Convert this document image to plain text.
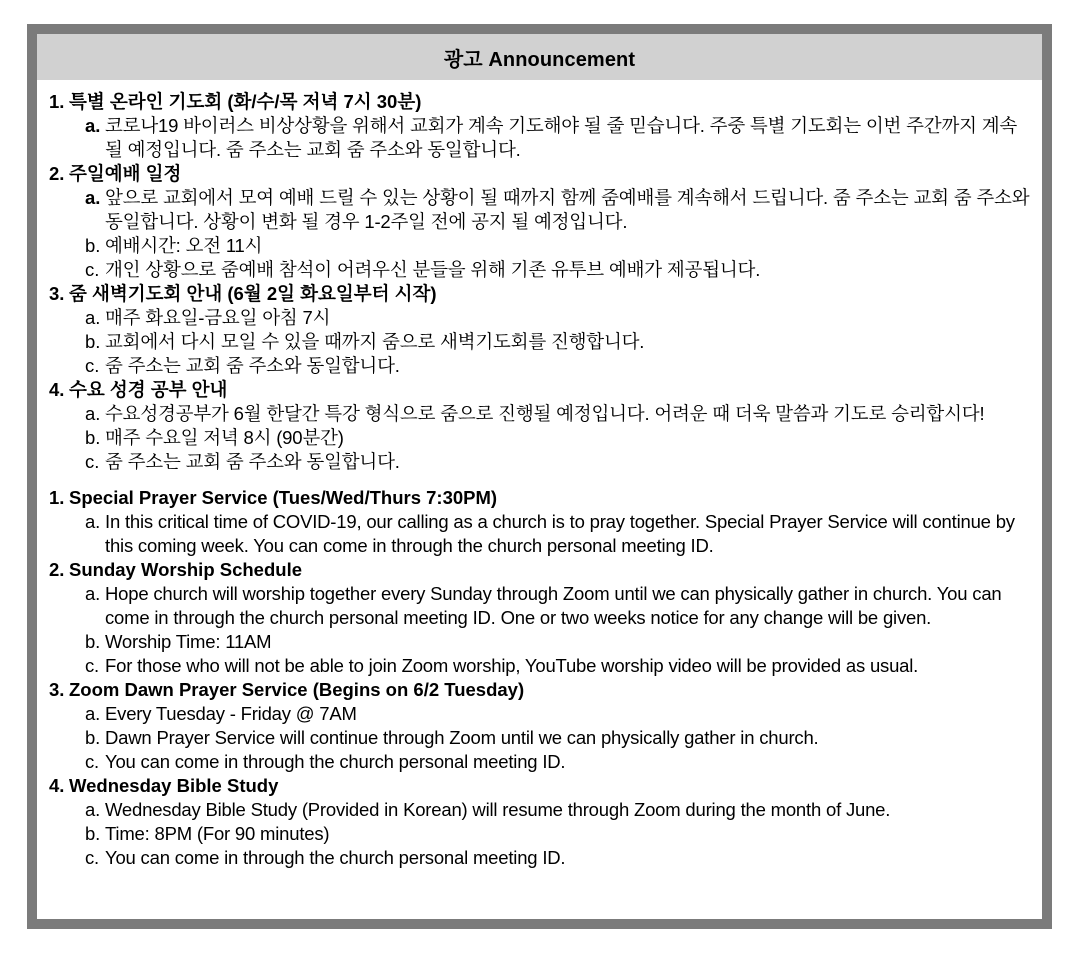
광고 Announcement
1. 특별 온라인 기도회 (화/수/목 저녁 7시 30분)
a. 코로나19 바이러스 비상상황을 위해서 교회가 계속 기도해야 될 줄 믿습니다. 주중 특별 기도회는 이번 주간까지 계속 될 예정입니다. 줌 주소는 교회 줌 주소와 동일합니다.
2. 주일예배 일정
a. 앞으로 교회에서 모여 예배 드릴 수 있는 상황이 될 때까지 함께 줌예배를 계속해서 드립니다. 줌 주소는 교회 줌 주소와 동일합니다. 상황이 변화 될 경우 1-2주일 전에 공지 될 예정입니다.
b. 예배시간: 오전 11시
c. 개인 상황으로 줌예배 참석이 어려우신 분들을 위해 기존 유투브 예배가 제공됩니다.
3. 줌 새벽기도회 안내 (6월 2일 화요일부터 시작)
a. 매주 화요일-금요일 아침 7시
b. 교회에서 다시 모일 수 있을 때까지 줌으로 새벽기도회를 진행합니다.
c. 줌 주소는 교회 줌 주소와 동일합니다.
4. 수요 성경 공부 안내
a. 수요성경공부가 6월 한달간 특강 형식으로 줌으로 진행될 예정입니다. 어려운 때 더욱 말씀과 기도로 승리합시다!
b. 매주 수요일 저녁 8시 (90분간)
c. 줌 주소는 교회 줌 주소와 동일합니다.
1. Special Prayer Service (Tues/Wed/Thurs 7:30PM)
a. In this critical time of COVID-19, our calling as a church is to pray together. Special Prayer Service will continue by this coming week. You can come in through the church personal meeting ID.
2. Sunday Worship Schedule
a. Hope church will worship together every Sunday through Zoom until we can physically gather in church. You can come in through the church personal meeting ID. One or two weeks notice for any change will be given.
b. Worship Time: 11AM
c. For those who will not be able to join Zoom worship, YouTube worship video will be provided as usual.
3. Zoom Dawn Prayer Service (Begins on 6/2 Tuesday)
a. Every Tuesday - Friday @ 7AM
b. Dawn Prayer Service will continue through Zoom until we can physically gather in church.
c. You can come in through the church personal meeting ID.
4. Wednesday Bible Study
a. Wednesday Bible Study (Provided in Korean) will resume through Zoom during the month of June.
b. Time: 8PM (For 90 minutes)
c. You can come in through the church personal meeting ID.
